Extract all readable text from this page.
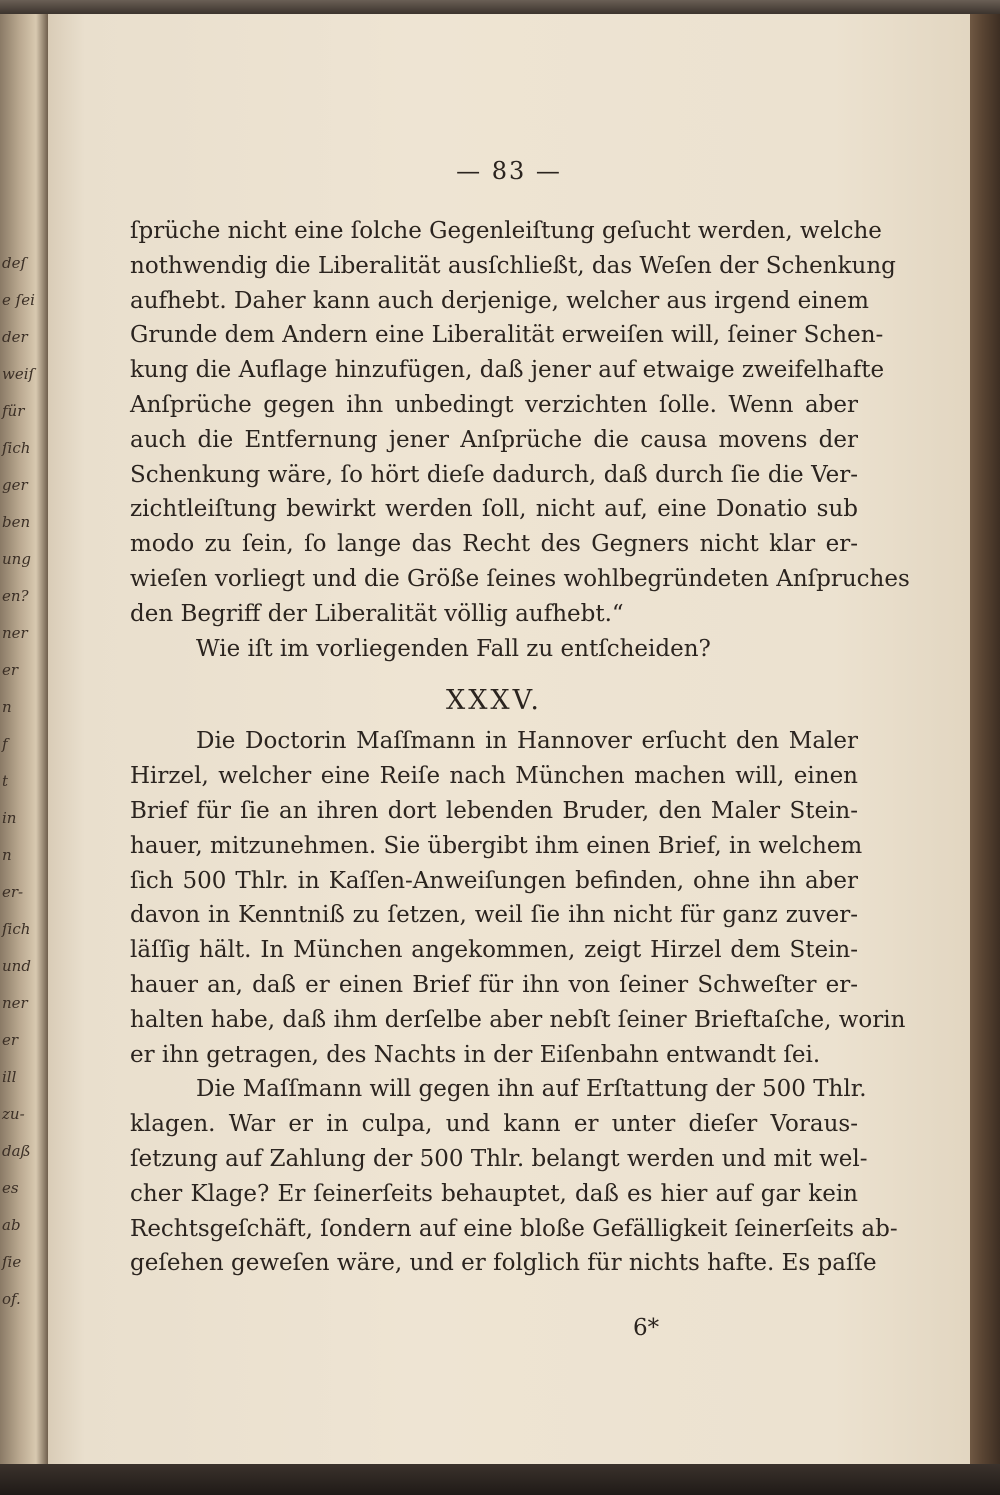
deſ
e ſei
der
weiſ
für
ſich
ger
ben
ung
en?
ner
er
n
f
t
in
n
er-
ſich
und
ner
er
ill
zu-
daß
es
ab
ſie
of.
— 83 —
ſprüche nicht eine ſolche Gegenleiſtung geſucht werden, welche
nothwendig die Liberalität ausſchließt, das Weſen der Schenkung
aufhebt. Daher kann auch derjenige, welcher aus irgend einem
Grunde dem Andern eine Liberalität erweiſen will, ſeiner Schen-
kung die Auflage hinzufügen, daß jener auf etwaige zweifelhafte
Anſprüche gegen ihn unbedingt verzichten ſolle. Wenn aber
auch die Entfernung jener Anſprüche die causa movens der
Schenkung wäre, ſo hört dieſe dadurch, daß durch ſie die Ver-
zichtleiſtung bewirkt werden ſoll, nicht auf, eine Donatio sub
modo zu ſein, ſo lange das Recht des Gegners nicht klar er-
wieſen vorliegt und die Größe ſeines wohlbegründeten Anſpruches
den Begriff der Liberalität völlig aufhebt.“
Wie iſt im vorliegenden Fall zu entſcheiden?
XXXV.
Die Doctorin Maſſmann in Hannover erſucht den Maler
Hirzel, welcher eine Reiſe nach München machen will, einen
Brief für ſie an ihren dort lebenden Bruder, den Maler Stein-
hauer, mitzunehmen. Sie übergibt ihm einen Brief, in welchem
ſich 500 Thlr. in Kaſſen-Anweiſungen befinden, ohne ihn aber
davon in Kenntniß zu ſetzen, weil ſie ihn nicht für ganz zuver-
läſſig hält. In München angekommen, zeigt Hirzel dem Stein-
hauer an, daß er einen Brief für ihn von ſeiner Schweſter er-
halten habe, daß ihm derſelbe aber nebſt ſeiner Brieftaſche, worin
er ihn getragen, des Nachts in der Eiſenbahn entwandt ſei.
Die Maſſmann will gegen ihn auf Erſtattung der 500 Thlr.
klagen. War er in culpa, und kann er unter dieſer Voraus-
ſetzung auf Zahlung der 500 Thlr. belangt werden und mit wel-
cher Klage? Er ſeinerſeits behauptet, daß es hier auf gar kein
Rechtsgeſchäft, ſondern auf eine bloße Gefälligkeit ſeinerſeits ab-
geſehen geweſen wäre, und er folglich für nichts hafte. Es paſſe
6*
